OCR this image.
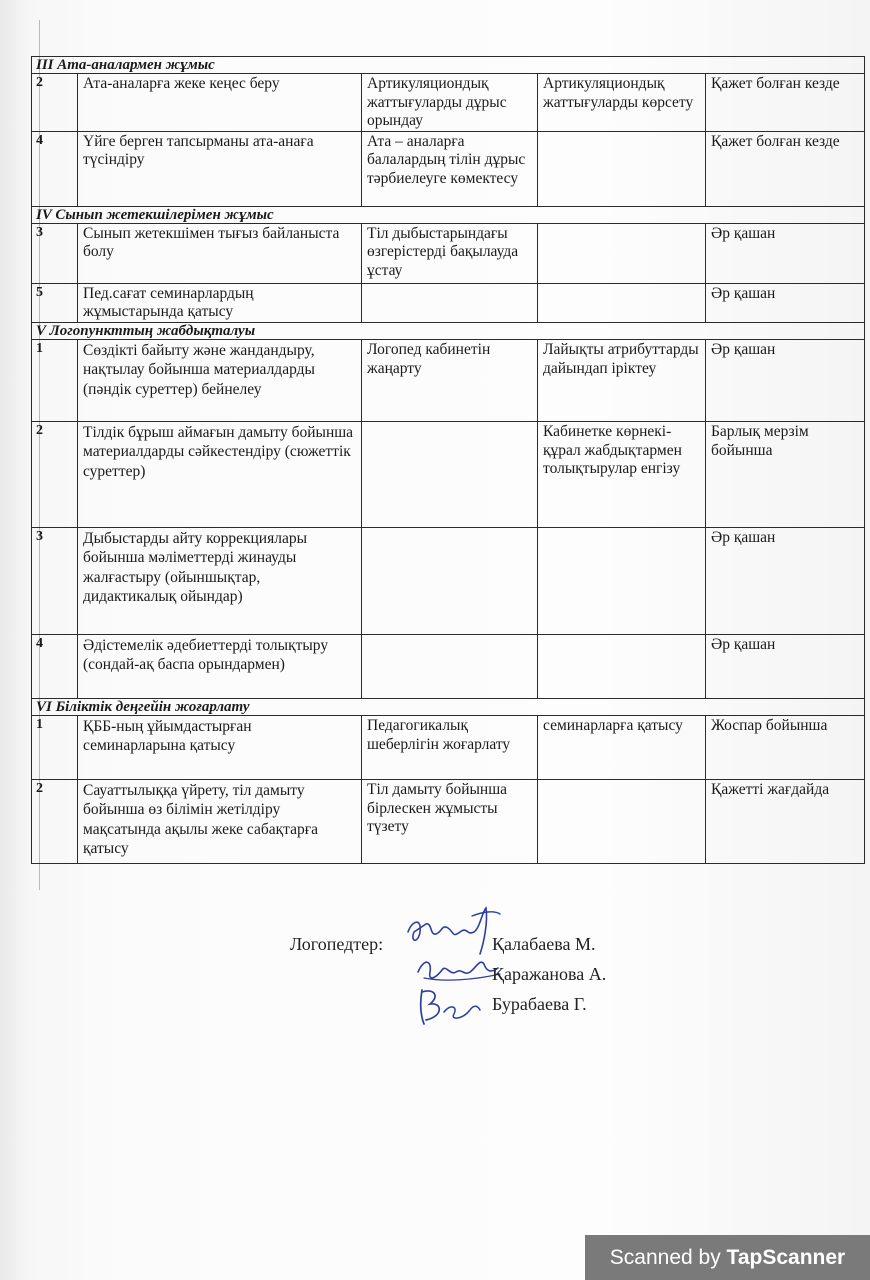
ІІІ Ата-аналармен жұмыс				
2	Ата-аналарға жеке кеңес беру	Артикуляциондық жаттығуларды дұрыс орындау	Артикуляциондық жаттығуларды көрсету	Қажет болған кезде
4	Үйге берген тапсырманы ата-анаға түсіндіру	Ата – аналарға балалардың тілін дұрыс тәрбиелеуге көмектесу		Қажет болған кезде
IV Сынып жетекшілерімен жұмыс				
3	Сынып жетекшімен тығыз байланыста болу	Тіл дыбыстарындағы өзгерістерді бақылауда ұстау		Әр қашан
5	Пед.сағат семинарлардың жұмыстарында қатысу			Әр қашан
V Логопункттың жабдықталуы				
1	Сөздікті байыту және жандандыру, нақтылау бойынша материалдарды (пәндік суреттер) бейнелеу	Логопед кабинетін жаңарту	Лайықты атрибуттарды дайындап іріктеу	Әр қашан
2	Тілдік бұрыш аймағын дамыту бойынша материалдарды сәйкестендіру (сюжеттік суреттер)		Кабинетке көрнекі-құрал жабдықтармен толықтырулар енгізу	Барлық мерзім бойынша
3	Дыбыстарды айту коррекциялары бойынша мәліметтерді жинауды жалғастыру (ойыншықтар, дидактикалық ойындар)			Әр қашан
4	Әдістемелік әдебиеттерді толықтыру (сондай-ақ баспа орындармен)			Әр қашан
VI Біліктік деңгейін жоғарлату				
1	ҚББ-ның ұйымдастырған семинарларына қатысу	Педагогикалық шеберлігін жоғарлату	семинарларға қатысу	Жоспар бойынша
2	Сауаттылыққа үйрету, тіл дамыту бойынша өз білімін жетілдіру мақсатында ақылы жеке сабақтарға қатысу	Тіл дамыту бойынша бірлескен жұмысты түзету		Қажетті жағдайда
Логопедтер:	Қалабаева М.
Қаражанова А.
Бурабаева Г.
Scanned by TapScanner
